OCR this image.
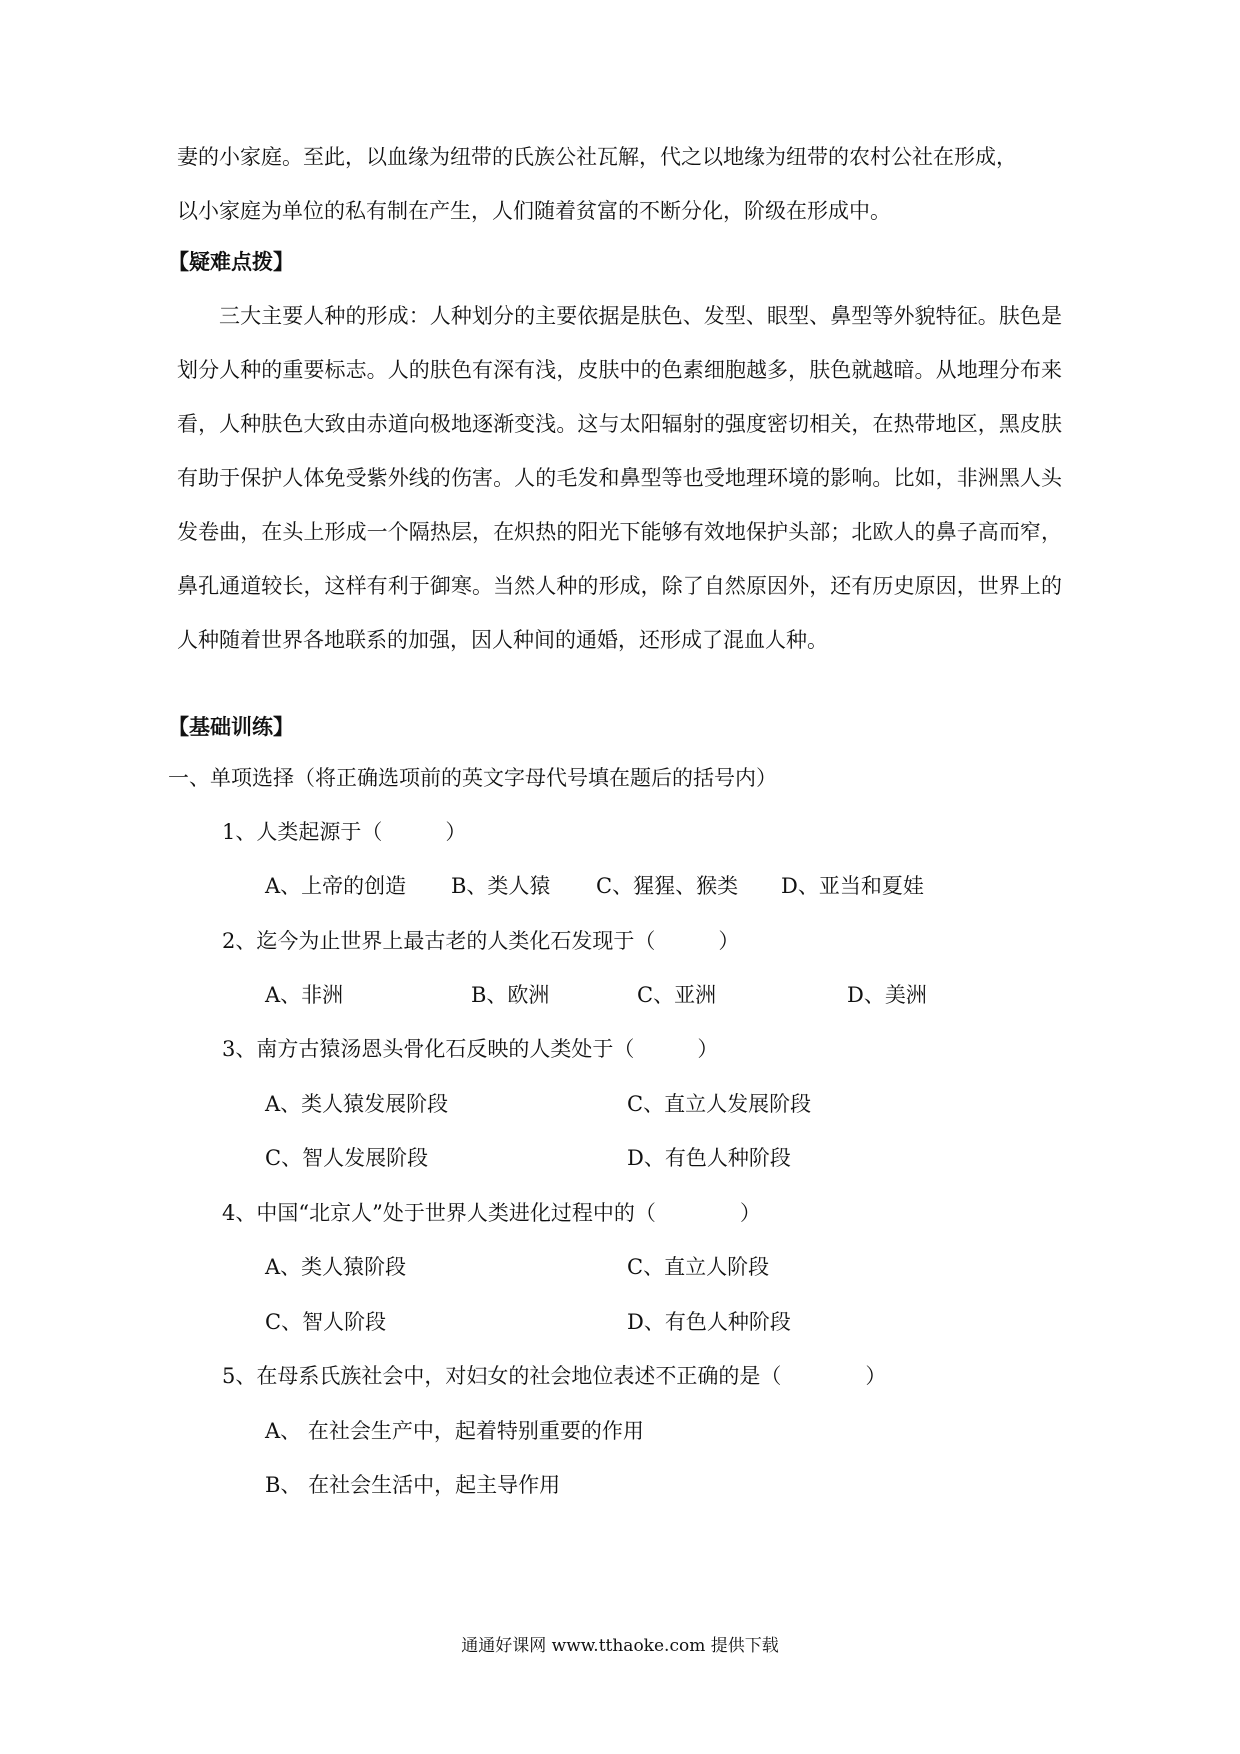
妻的小家庭。至此，以血缘为纽带的氏族公社瓦解，代之以地缘为纽带的农村公社在形成，
以小家庭为单位的私有制在产生，人们随着贫富的不断分化，阶级在形成中。
【疑难点拨】
三大主要人种的形成：人种划分的主要依据是肤色、发型、眼型、鼻型等外貌特征。肤色是划分人种的重要标志。人的肤色有深有浅，皮肤中的色素细胞越多，肤色就越暗。从地理分布来看，人种肤色大致由赤道向极地逐渐变浅。这与太阳辐射的强度密切相关，在热带地区，黑皮肤有助于保护人体免受紫外线的伤害。人的毛发和鼻型等也受地理环境的影响。比如，非洲黑人头发卷曲，在头上形成一个隔热层，在炽热的阳光下能够有效地保护头部；北欧人的鼻子高而窄，鼻孔通道较长，这样有利于御寒。当然人种的形成，除了自然原因外，还有历史原因，世界上的人种随着世界各地联系的加强，因人种间的通婚，还形成了混血人种。
【基础训练】
一、单项选择（将正确选项前的英文字母代号填在题后的括号内）
1、人类起源于（　　　）
A、上帝的创造 B、类人猿 C、猩猩、猴类 D、亚当和夏娃
2、迄今为止世界上最古老的人类化石发现于（　　　）
A、非洲	B、欧洲	C、亚洲	D、美洲
3、南方古猿汤恩头骨化石反映的人类处于（　　　）
A、类人猿发展阶段	C、直立人发展阶段
C、智人发展阶段	D、有色人种阶段
4、中国“北京人”处于世界人类进化过程中的（　　　　）
A、类人猿阶段	C、直立人阶段
C、智人阶段	D、有色人种阶段
5、在母系氏族社会中，对妇女的社会地位表述不正确的是（　　　　）
A、 在社会生产中，起着特别重要的作用
B、 在社会生活中，起主导作用
通通好课网 www.tthaoke.com 提供下载
